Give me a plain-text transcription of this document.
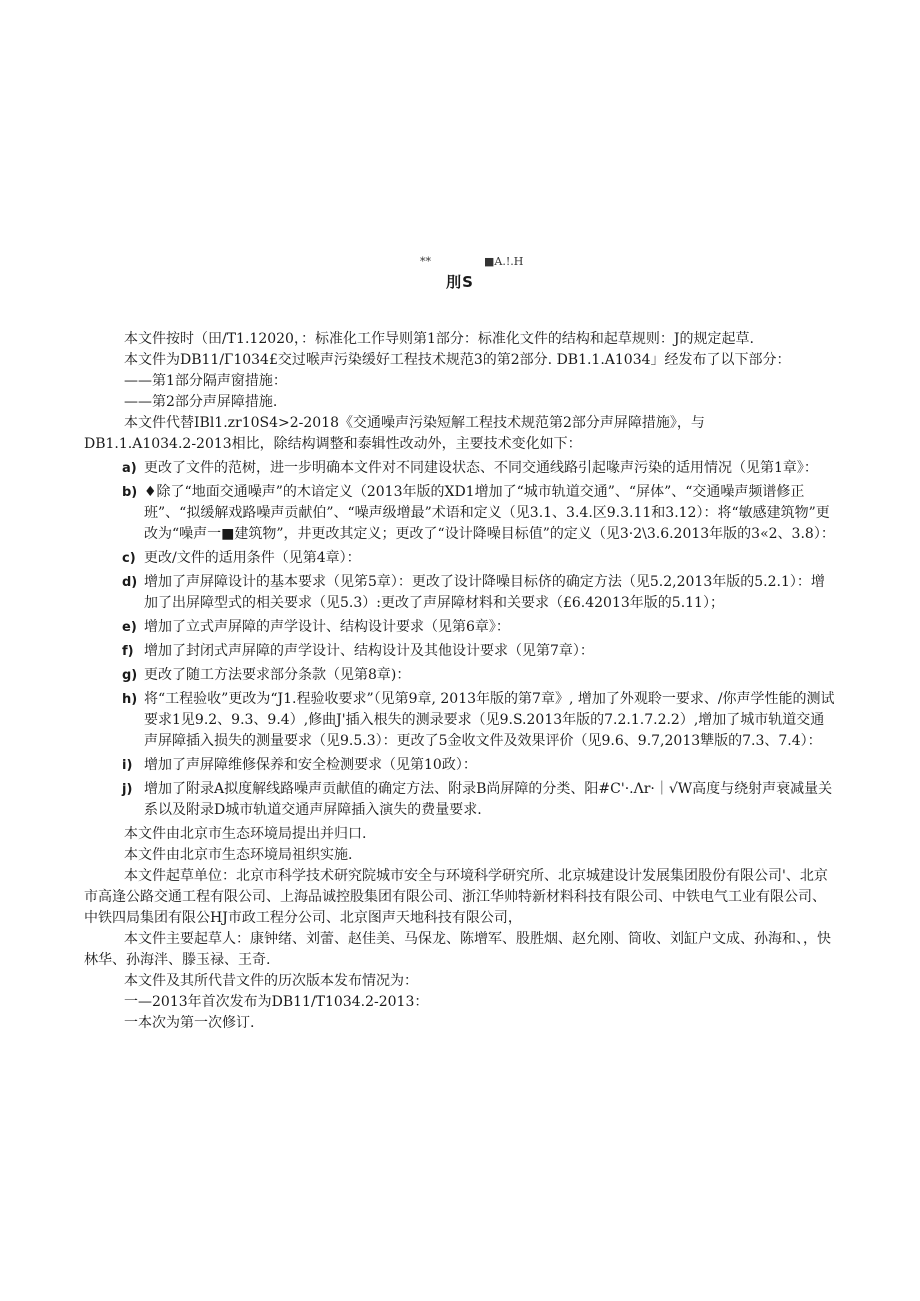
**	■A.!.H
刖S

本文件按时（田/T1.12020，：标准化工作导则第1部分：标准化文件的结构和起草规则：J的规定起草.

本文件为DB11/Г1034£交过喉声污染缓好工程技术规范3的第2部分. DB1.1.A1034」经发布了以下部分：

——第1部分隔声窗措施：

——第2部分声屏障措施.

本文件代替IBl1.zr10S4>2-2018《交通噪声污染短解工程技术规范第2部分声屏障措施》，与

DB1.1.A1034.2-2013相比，除结构调整和泰辑性改动外，主要技术变化如下：

a) 更改了文件的范树，进一步明确本文件对不同建设状态、不同交通线路引起喙声污染的适用情况（见第1章》：
b) ♦除了“地面交通噪声”的木谙定义（2013年版的XD1增加了“城市轨道交通”、“屏体”、“交通噪声频谱修正班”、“拟缓解戏路噪声贡献伯”、“噪声级增最”术语和定义（见3.1、3.4.区9.3.11和3.12）：将“敏感建筑物”更改为“噪声一■建筑物”，井更改其定义；更改了“设计降噪目标值”的定义（见3·2\3.6.2013年版的3«2、3.8）：
c) 更改/文件的适用条件（见第4章）：
d) 增加了声屏障设计的基本要求（见笫5章）：更改了设计降噪目标侪的确定方法（见5.2,2013年版的5.2.1）：增加了出屏障型式的相关要求（见5.3）:更改了声屏障材料和关要求（£6.42013年版的5.11）；
e) 增加了立式声屏障的声学设计、结构设计要求（见第6章》：
f) 增加了封闭式声屏障的声学设计、结构设计及其他设计要求（见第7章）：
g) 更改了随工方法要求部分条款（见第8章)：
h) 将“工程验收”更改为“J1.程验收要求”（见第9章, 2013年版的第7章》, 增加了外观聆一要求、/你声学性能的测试要求1见9.2、9.3、9.4）,修曲J'插入根失的测录要求（见9.S.2013年版的7.2.1.7.2.2）,增加了城市轨道交通声屏障插入损失的测量要求（见9.5.3）：更改了5金收文件及效果评价（见9.6、9.7,2013犨版的7.3、7.4）：
i) 增加了声屏障维修保养和安全检测要求（见第10政）：
j) 增加了附录A拟度解线路噪声贡献值的确定方法、附录B尚屏障的分类、阳#C'·.Λr·｜√W高度与绕射声衰减量关系以及附录D城市轨道交通声屏障插入演失的费量要求.

本文件由北京市生态环境局提出并归口.

本文件由北京市生态环境局祖织实施.

本文件起草单位：北京市科学技术研究院城市安全与环境科学研究所、北京城建设计发展集团股份有限公司'、北京市高逢公路交通工程有限公司、上海品诚控股集团有限公司、浙江华帅特新材料科技有限公司、中铁电气工业有限公司、中铁四局集团有限公HJ市政工程分公司、北京图声天地科技有限公司，

本文件主要起草人：康钟绪、刘蕾、赵佳美、马保龙、陈增军、股胜烟、赵允刚、筒收、刘缸户文成、孙海和、，快林华、孙海泮、滕玉禄、王奇.

本文件及其所代昔文件的历次版本发布情况为：

一—2013年首次发布为DB11/T1034.2-2013：

一本次为第一次修订.
